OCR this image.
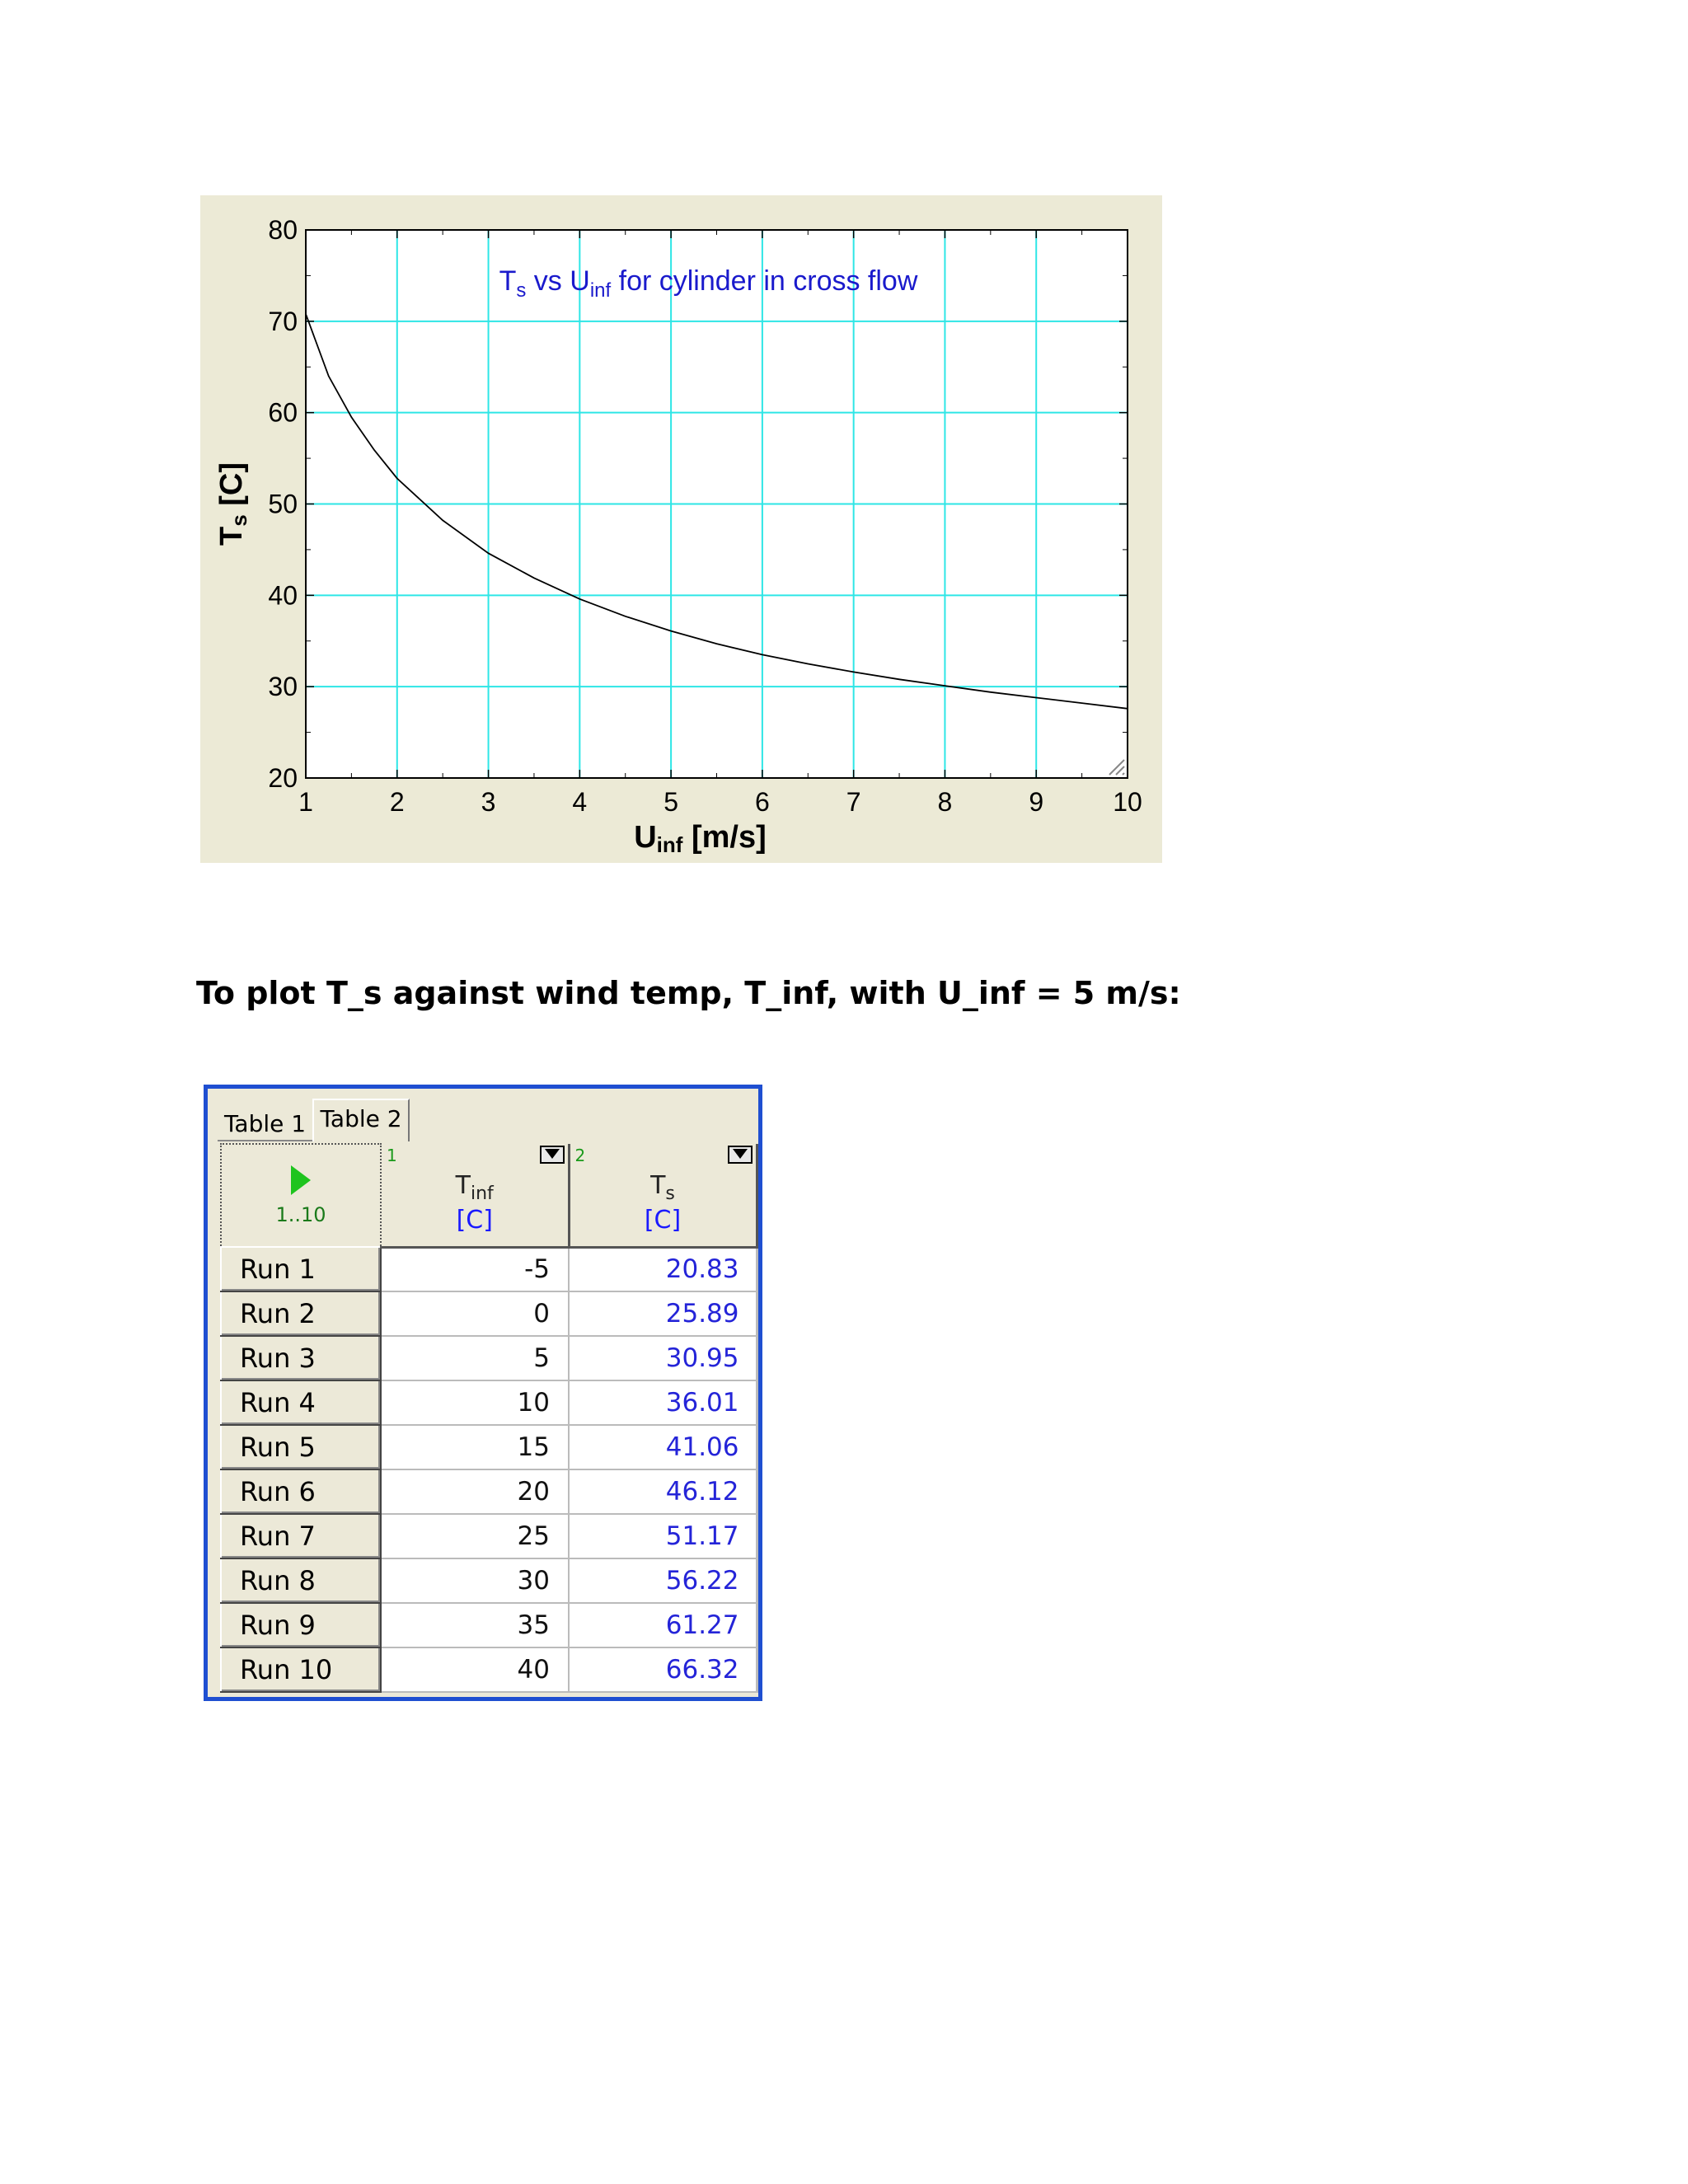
1	2	3	4	5	6	7	8	9	10
20
30
40
50
60
70
80
$T_s$ vs $U_{inf}$ for cylinder in cross flow
Uinf [m/s]
Ts [C]
To plot T_s against wind temp, T_inf, with U_inf = 5 m/s:
Table 1 Table 2
1..10	1
$T_{inf}$
[C]	2
$T_s$
[C]

Run 1	-5	20.83
Run 2	0	25.89
Run 3	5	30.95
Run 4	10	36.01
Run 5	15	41.06
Run 6	20	46.12
Run 7	25	51.17
Run 8	30	56.22
Run 9	35	61.27
Run 10	40	66.32
